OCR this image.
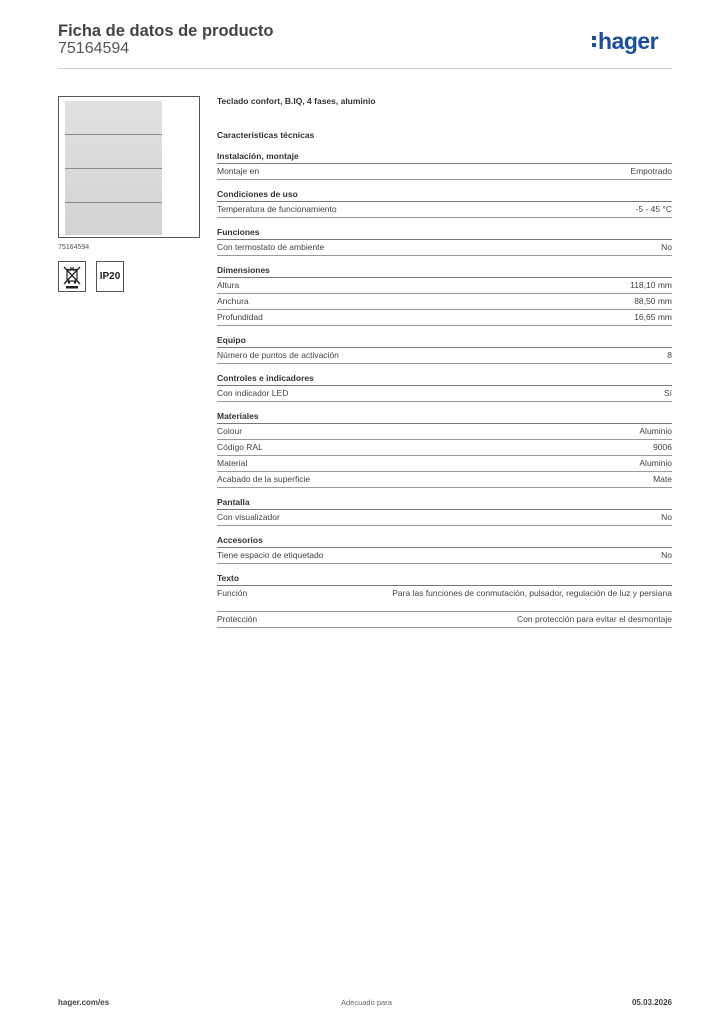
Ficha de datos de producto
75164594	hager
75164594
IP20
Teclado confort, B.IQ, 4 fases, aluminio
Características técnicas
Instalación, montaje
Montaje en	Empotrado
Condiciones de uso
Temperatura de funcionamiento	-5 - 45 °C
Funciones
Con termostato de ambiente	No
Dimensiones
Altura	118,10 mm
Anchura	88,50 mm
Profundidad	16,65 mm
Equipo
Número de puntos de activación	8
Controles e indicadores
Con indicador LED	Sí
Materiales
Colour	Aluminio
Código RAL	9006
Material	Aluminio
Acabado de la superficie	Mate
Pantalla
Con visualizador	No
Accesorios
Tiene espacio de etiquetado	No
Texto
Función	Para las funciones de conmutación, pulsador, regulación de luz y persiana
Protección	Con protección para evitar el desmontaje
hager.com/es	Adecuado para	05.03.2026
